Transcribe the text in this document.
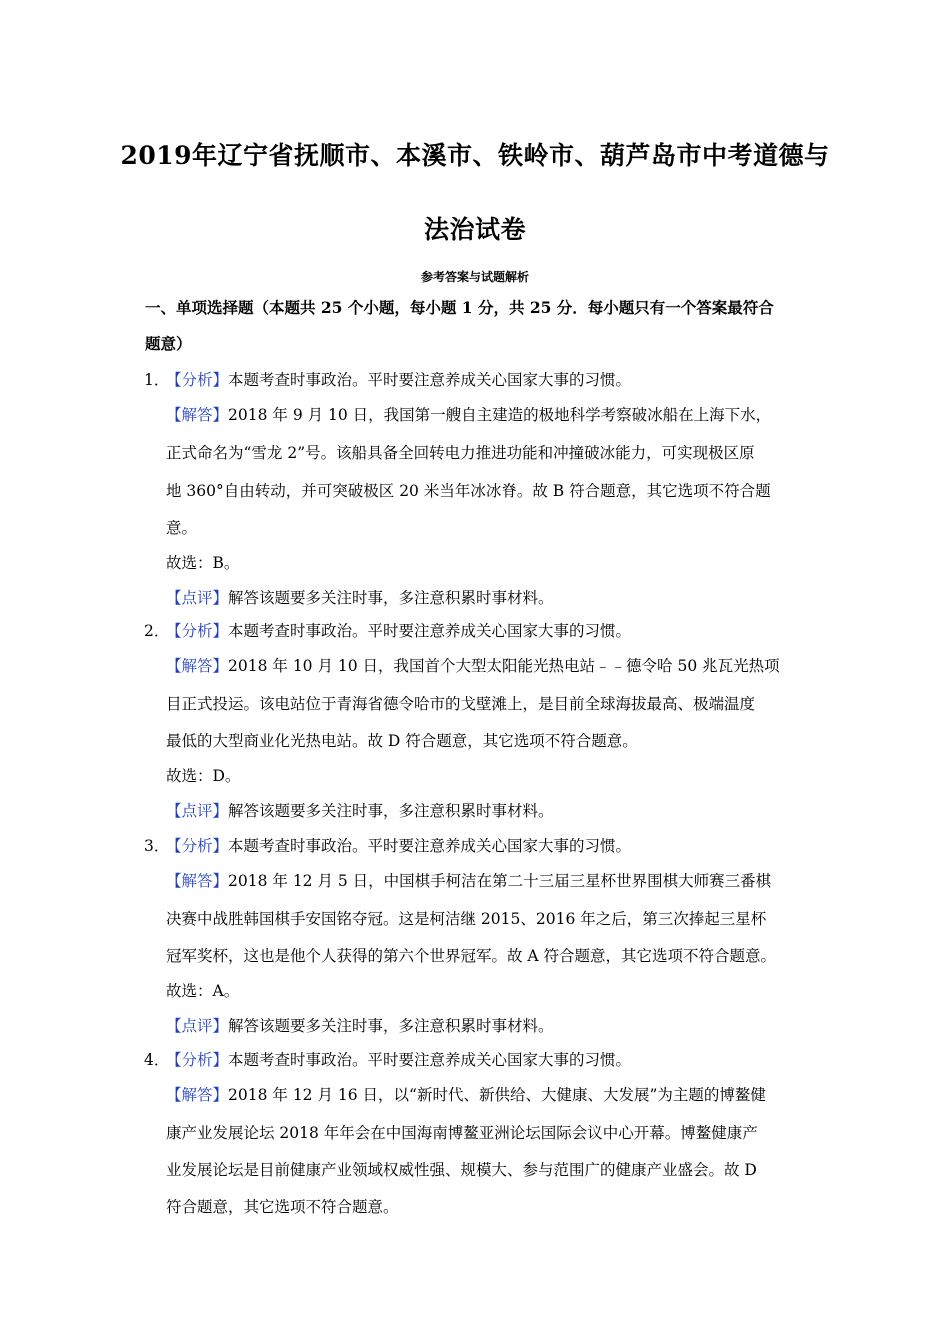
2019年辽宁省抚顺市、本溪市、铁岭市、葫芦岛市中考道德与
法治试卷
参考答案与试题解析
一、单项选择题（本题共 25 个小题，每小题 1 分，共 25 分．每小题只有一个答案最符合
题意）
1．
【分析】本题考查时事政治。平时要注意养成关心国家大事的习惯。
【解答】2018 年 9 月 10 日，我国第一艘自主建造的极地科学考察破冰船在上海下水，
正式命名为“雪龙 2”号。该船具备全回转电力推进功能和冲撞破冰能力，可实现极区原
地 360°自由转动，并可突破极区 20 米当年冰冰脊。故 B 符合题意，其它选项不符合题
意。
故选：B。
【点评】解答该题要多关注时事，多注意积累时事材料。
2．
【分析】本题考查时事政治。平时要注意养成关心国家大事的习惯。
【解答】2018 年 10 月 10 日，我国首个大型太阳能光热电站﹣﹣德令哈 50 兆瓦光热项
目正式投运。该电站位于青海省德令哈市的戈壁滩上，是目前全球海拔最高、极端温度
最低的大型商业化光热电站。故 D 符合题意，其它选项不符合题意。
故选：D。
【点评】解答该题要多关注时事，多注意积累时事材料。
3．
【分析】本题考查时事政治。平时要注意养成关心国家大事的习惯。
【解答】2018 年 12 月 5 日，中国棋手柯洁在第二十三届三星杯世界围棋大师赛三番棋
决赛中战胜韩国棋手安国铭夺冠。这是柯洁继 2015、2016 年之后，第三次捧起三星杯
冠军奖杯，这也是他个人获得的第六个世界冠军。故 A 符合题意，其它选项不符合题意。
故选：A。
【点评】解答该题要多关注时事，多注意积累时事材料。
4．
【分析】本题考查时事政治。平时要注意养成关心国家大事的习惯。
【解答】2018 年 12 月 16 日，以“新时代、新供给、大健康、大发展”为主题的博鳌健
康产业发展论坛 2018 年年会在中国海南博鳌亚洲论坛国际会议中心开幕。博鳌健康产
业发展论坛是目前健康产业领域权威性强、规模大、参与范围广的健康产业盛会。故 D
符合题意，其它选项不符合题意。
